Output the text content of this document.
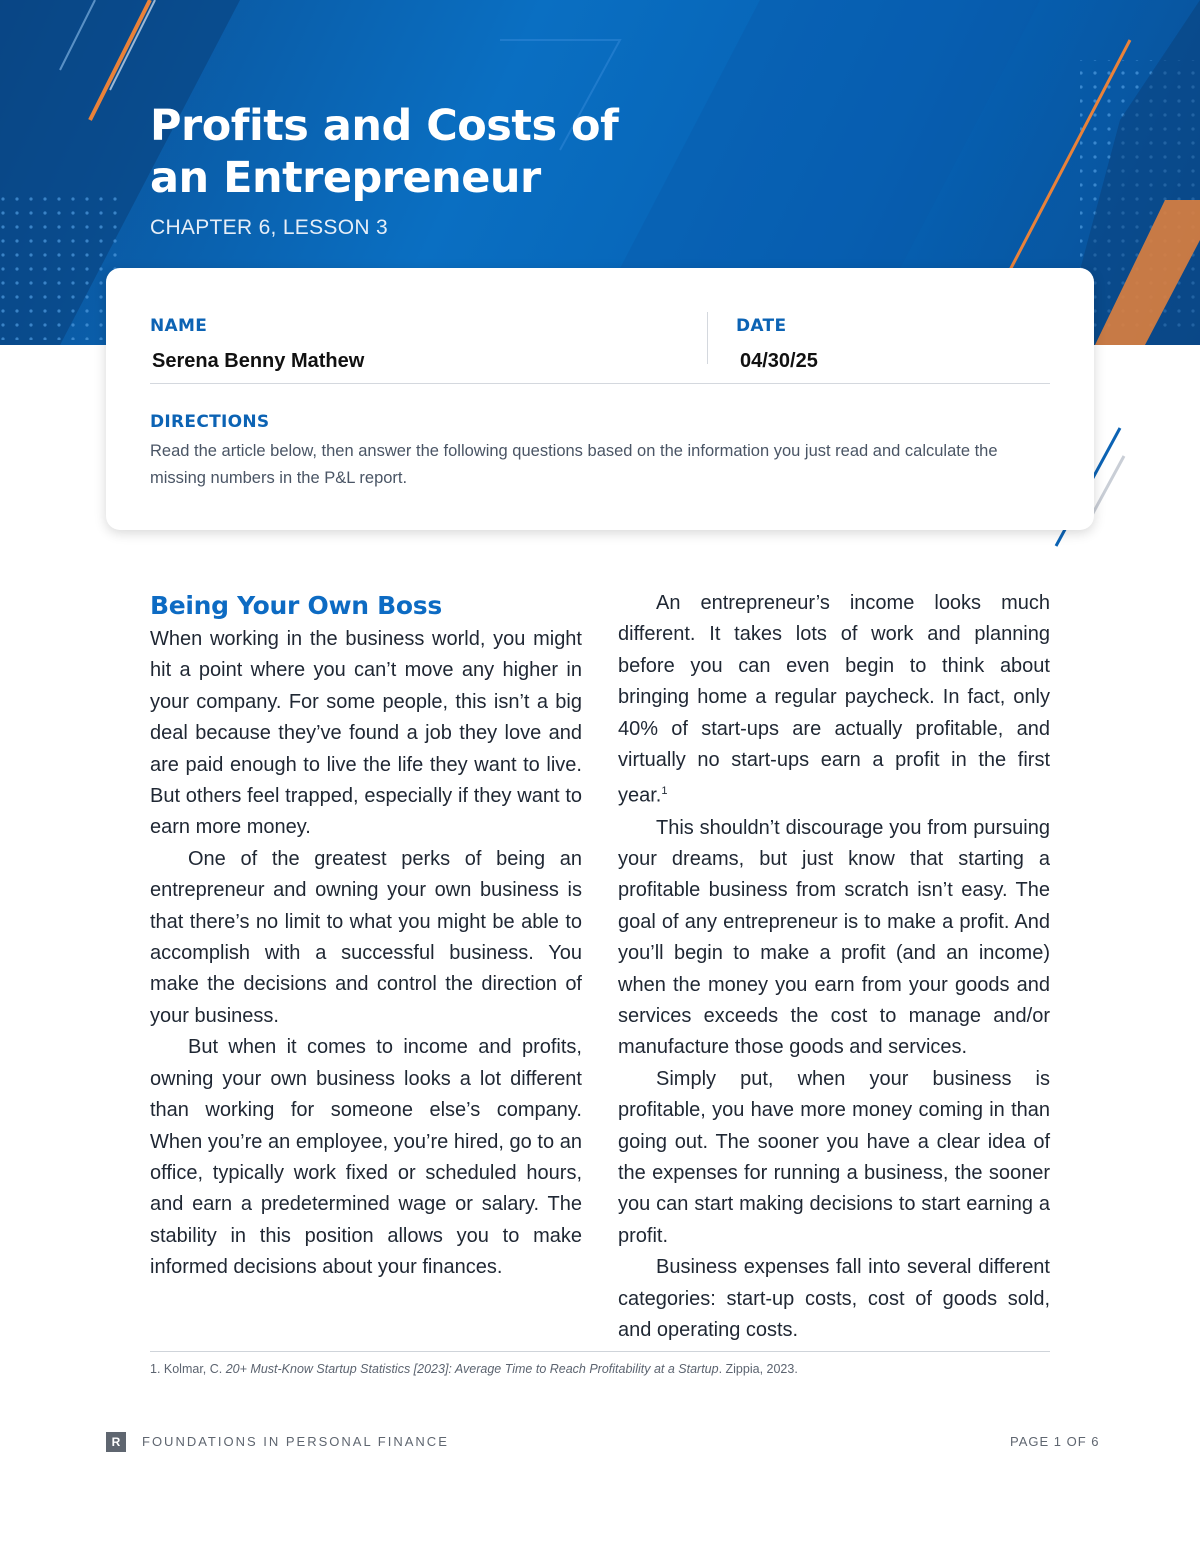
Profits and Costs of
an Entrepreneur
CHAPTER 6, LESSON 3
NAME
Serena Benny Mathew
DATE
04/30/25
DIRECTIONS

Read the article below, then answer the following questions based on the information you just read and calculate the missing numbers in the P&L report.

Being Your Own Boss

When working in the business world, you might hit a point where you can’t move any higher in your company. For some people, this isn’t a big deal because they’ve found a job they love and are paid enough to live the life they want to live. But others feel trapped, especially if they want to earn more money.

One of the greatest perks of being an entrepreneur and owning your own business is that there’s no limit to what you might be able to accomplish with a successful business. You make the decisions and control the direction of your business.

But when it comes to income and profits, owning your own business looks a lot different than working for someone else’s company. When you’re an employee, you’re hired, go to an office, typically work fixed or scheduled hours, and earn a predetermined wage or salary. The stability in this position allows you to make informed decisions about your finances.

An entrepreneur’s income looks much different. It takes lots of work and planning before you can even begin to think about bringing home a regular paycheck. In fact, only 40% of start-ups are actually profitable, and virtually no start-ups earn a profit in the first year.$^1$

This shouldn’t discourage you from pursuing your dreams, but just know that starting a profitable business from scratch isn’t easy. The goal of any entrepreneur is to make a profit. And you’ll begin to make a profit (and an income) when the money you earn from your goods and services exceeds the cost to manage and/or manufacture those goods and services.

Simply put, when your business is profitable, you have more money coming in than going out. The sooner you have a clear idea of the expenses for running a business, the sooner you can start making decisions to start earning a profit.

Business expenses fall into several different categories: start-up costs, cost of goods sold, and operating costs.

1. Kolmar, C. 20+ Must-Know Startup Statistics [2023]: Average Time to Reach Profitability at a Startup. Zippia, 2023.
R	FOUNDATIONS IN PERSONAL FINANCE	PAGE 1 OF 6
